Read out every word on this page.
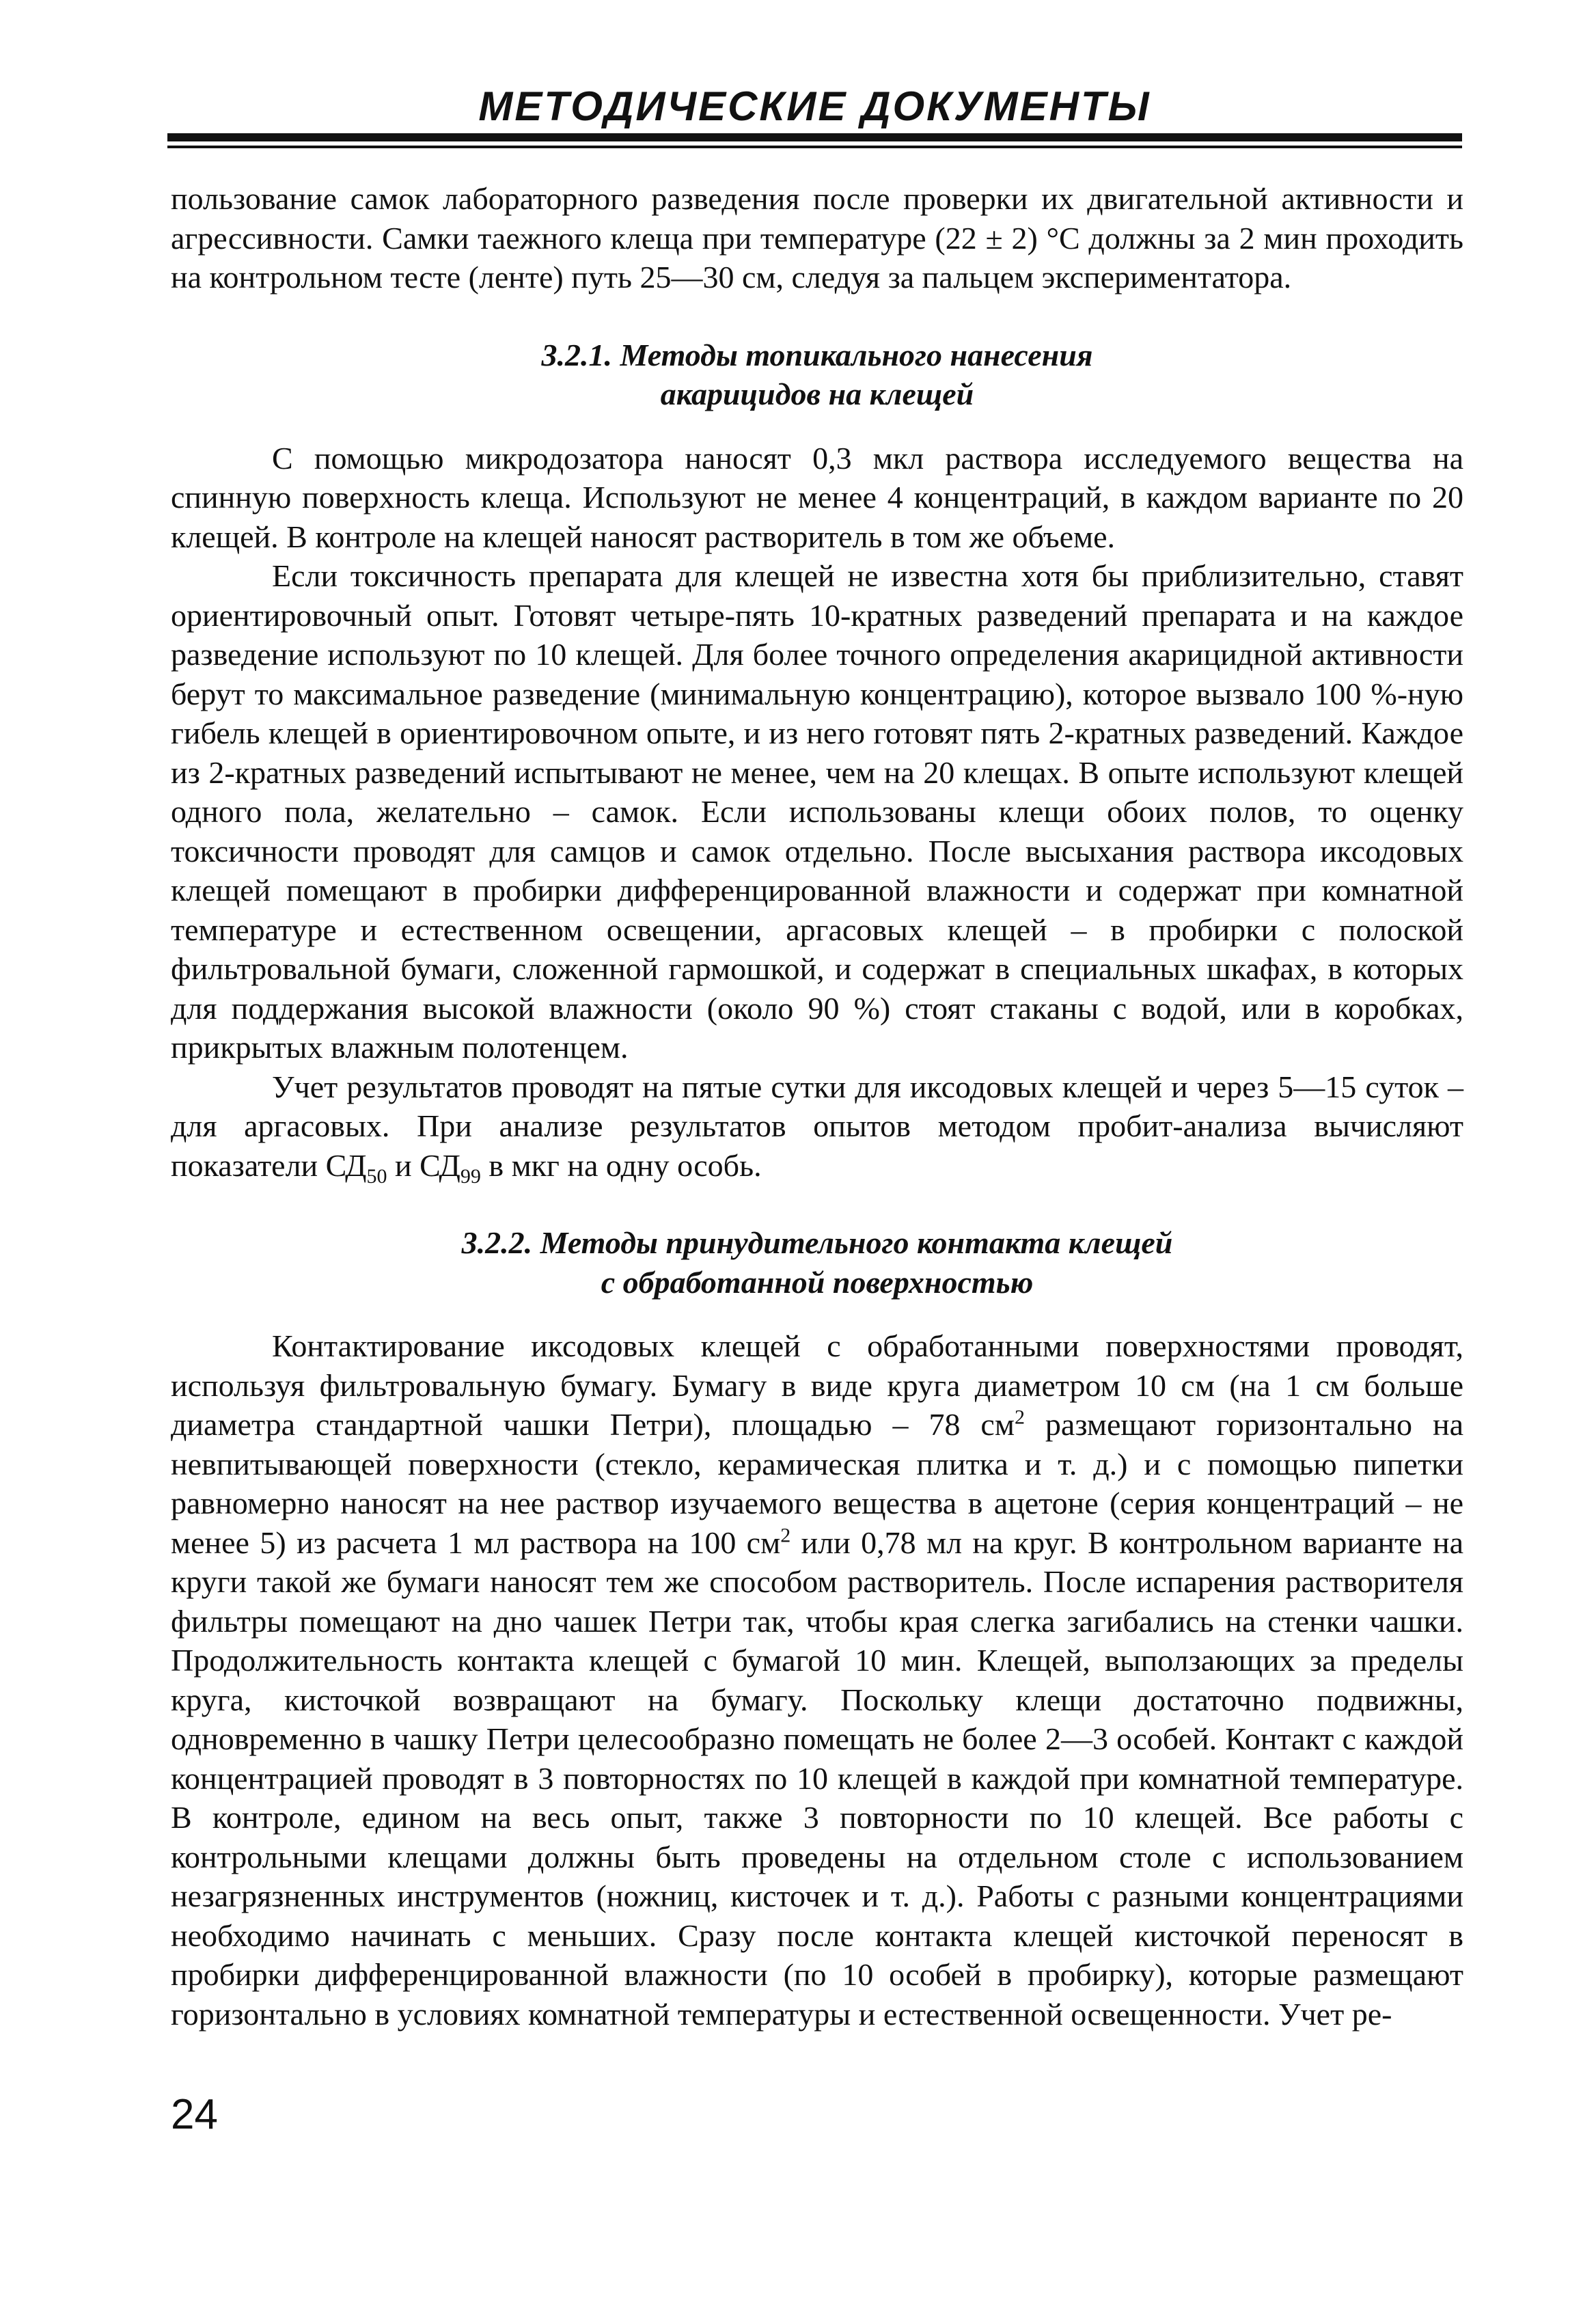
МЕТОДИЧЕСКИЕ ДОКУМЕНТЫ

пользование самок лабораторного разведения после проверки их двигательной активности и агрессивности. Самки таежного клеща при температуре (22 ± 2) °С должны за 2 мин проходить на контрольном тесте (ленте) путь 25—30 см, следуя за пальцем экспериментатора.

3.2.1. Методы топикального нанесения
акарицидов на клещей

С помощью микродозатора наносят 0,3 мкл раствора исследуемого вещества на спинную поверхность клеща. Используют не менее 4 концентраций, в каждом варианте по 20 клещей. В контроле на клещей наносят растворитель в том же объеме.

Если токсичность препарата для клещей не известна хотя бы приблизительно, ставят ориентировочный опыт. Готовят четыре-пять 10-кратных разведений препарата и на каждое разведение используют по 10 клещей. Для более точного определения акарицидной активности берут то максимальное разведение (минимальную концентрацию), которое вызвало 100 %-ную гибель клещей в ориентировочном опыте, и из него готовят пять 2-кратных разведений. Каждое из 2-кратных разведений испытывают не менее, чем на 20 клещах. В опыте используют клещей одного пола, желательно – самок. Если использованы клещи обоих полов, то оценку токсичности проводят для самцов и самок отдельно. После высыхания раствора иксодовых клещей помещают в пробирки дифференцированной влажности и содержат при комнатной температуре и естественном освещении, аргасовых клещей – в пробирки с полоской фильтровальной бумаги, сложенной гармошкой, и содержат в специальных шкафах, в которых для поддержания высокой влажности (около 90 %) стоят стаканы с водой, или в коробках, прикрытых влажным полотенцем.

Учет результатов проводят на пятые сутки для иксодовых клещей и через 5—15 суток – для аргасовых. При анализе результатов опытов методом пробит-анализа вычисляют показатели $СД_{50}$ и $СД_{99}$ в мкг на одну особь.

3.2.2. Методы принудительного контакта клещей
с обработанной поверхностью

Контактирование иксодовых клещей с обработанными поверхностями проводят, используя фильтровальную бумагу. Бумагу в виде круга диаметром 10 см (на 1 см больше диаметра стандартной чашки Петри), площадью – 78 $см^2$ размещают горизонтально на невпитывающей поверхности (стекло, керамическая плитка и т. д.) и с помощью пипетки равномерно наносят на нее раствор изучаемого вещества в ацетоне (серия концентраций – не менее 5) из расчета 1 мл раствора на 100 $см^2$ или 0,78 мл на круг. В контрольном варианте на круги такой же бумаги наносят тем же способом растворитель. После испарения растворителя фильтры помещают на дно чашек Петри так, чтобы края слегка загибались на стенки чашки. Продолжительность контакта клещей с бумагой 10 мин. Клещей, выползающих за пределы круга, кисточкой возвращают на бумагу. Поскольку клещи достаточно подвижны, одновременно в чашку Петри целесообразно помещать не более 2—3 особей. Контакт с каждой концентрацией проводят в 3 повторностях по 10 клещей в каждой при комнатной температуре. В контроле, едином на весь опыт, также 3 повторности по 10 клещей. Все работы с контрольными клещами должны быть проведены на отдельном столе с использованием незагрязненных инструментов (ножниц, кисточек и т. д.). Работы с разными концентрациями необходимо начинать с меньших. Сразу после контакта клещей кисточкой переносят в пробирки дифференцированной влажности (по 10 особей в пробирку), которые размещают горизонтально в условиях комнатной температуры и естественной освещенности. Учет ре-

24
